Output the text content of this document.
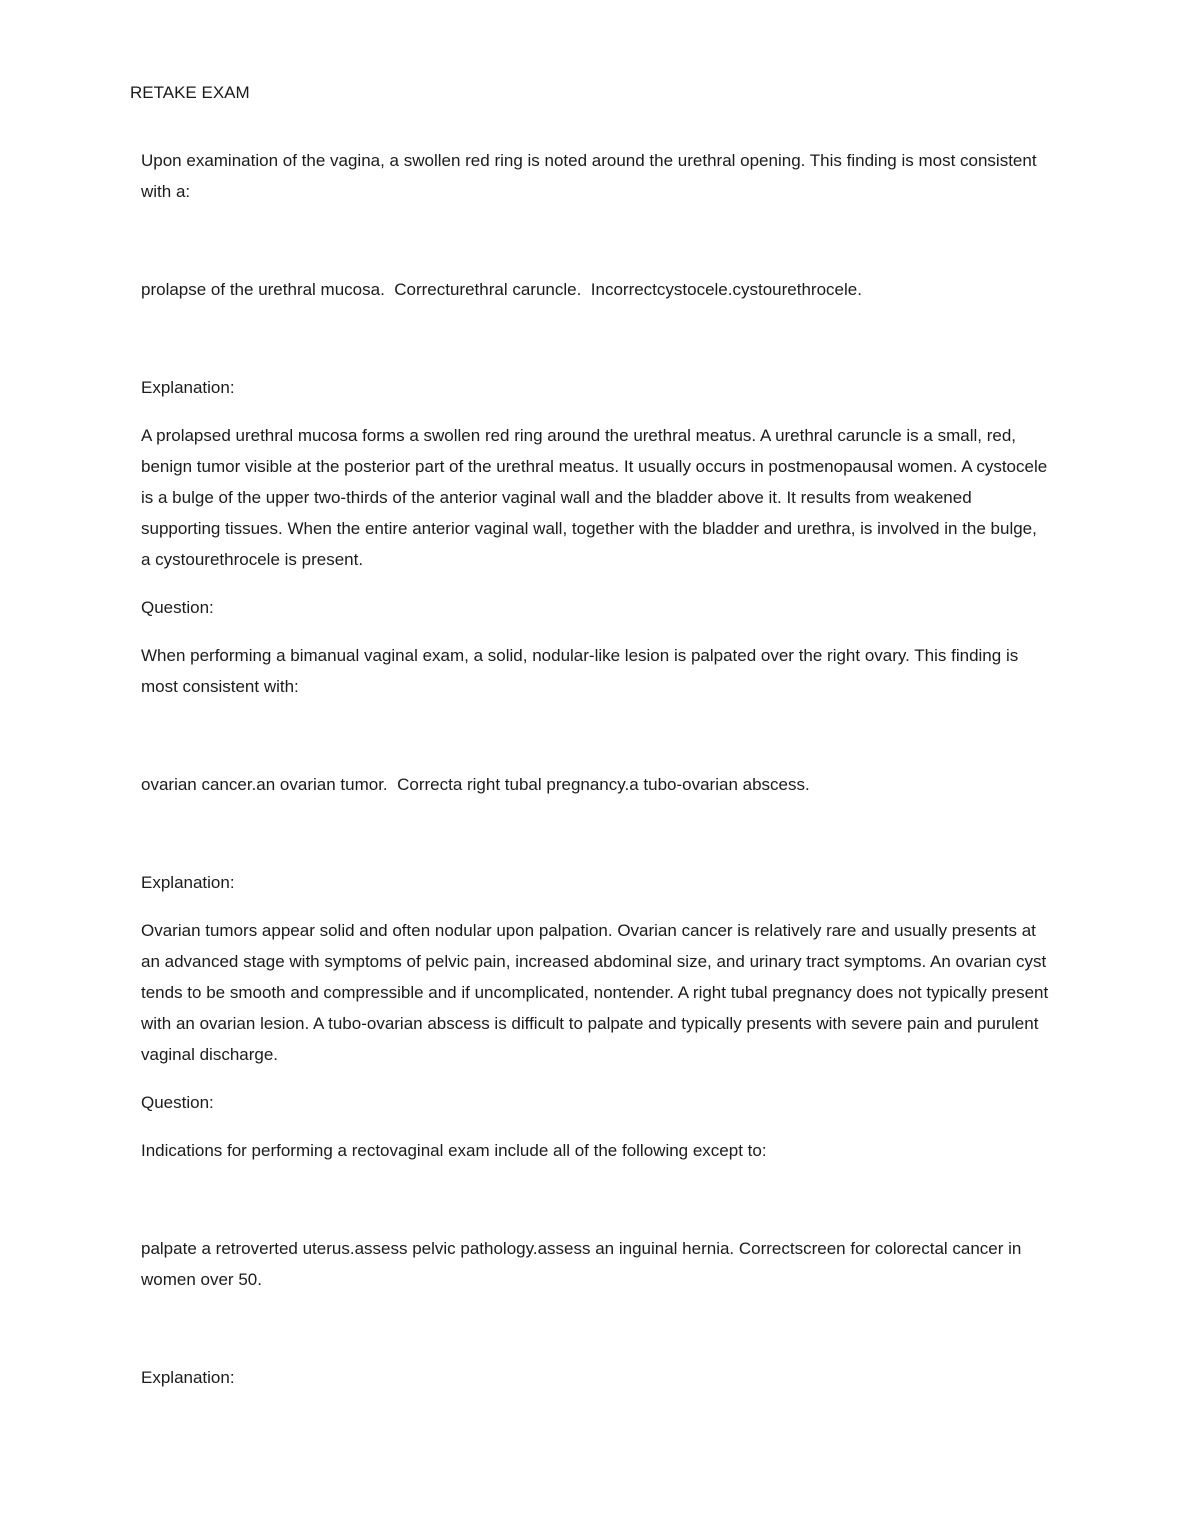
RETAKE EXAM

Upon examination of the vagina, a swollen red ring is noted around the urethral opening. This finding is most consistent with a:

prolapse of the urethral mucosa.  Correcturethral caruncle.  Incorrectcystocele.cystourethrocele.

Explanation:

A prolapsed urethral mucosa forms a swollen red ring around the urethral meatus. A urethral caruncle is a small, red, benign tumor visible at the posterior part of the urethral meatus. It usually occurs in postmenopausal women. A cystocele is a bulge of the upper two-thirds of the anterior vaginal wall and the bladder above it. It results from weakened supporting tissues. When the entire anterior vaginal wall, together with the bladder and urethra, is involved in the bulge, a cystourethrocele is present.

Question:

When performing a bimanual vaginal exam, a solid, nodular-like lesion is palpated over the right ovary. This finding is most consistent with:

ovarian cancer.an ovarian tumor.  Correcta right tubal pregnancy.a tubo-ovarian abscess.

Explanation:

Ovarian tumors appear solid and often nodular upon palpation. Ovarian cancer is relatively rare and usually presents at an advanced stage with symptoms of pelvic pain, increased abdominal size, and urinary tract symptoms. An ovarian cyst tends to be smooth and compressible and if uncomplicated, nontender. A right tubal pregnancy does not typically present with an ovarian lesion. A tubo-ovarian abscess is difficult to palpate and typically presents with severe pain and purulent vaginal discharge.

Question:

Indications for performing a rectovaginal exam include all of the following except to:

palpate a retroverted uterus.assess pelvic pathology.assess an inguinal hernia. Correctscreen for colorectal cancer in women over 50.

Explanation:
